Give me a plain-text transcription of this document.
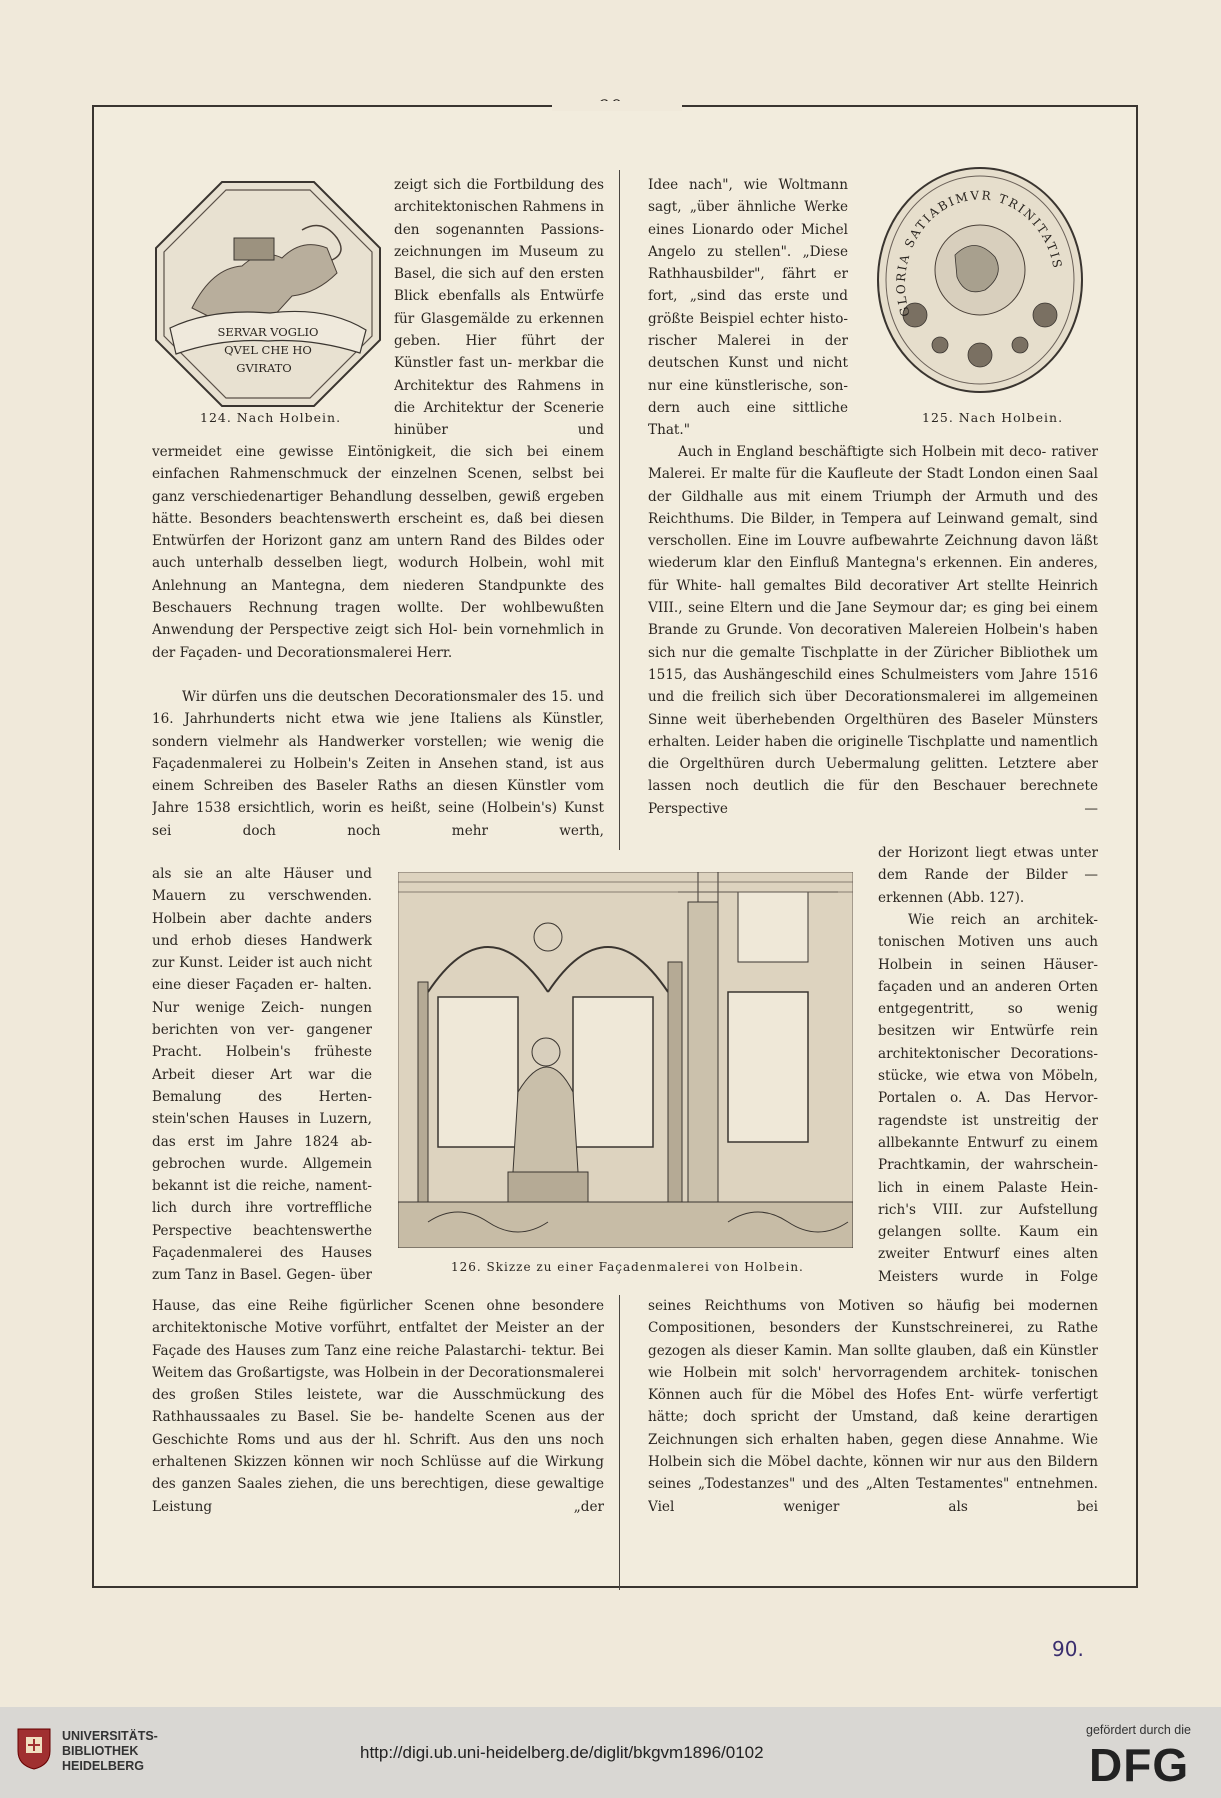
SERVAR VOGLIO
QVEL CHE HO
GVIRATO
124. Nach Holbein.
GLORIA SATIABIMVR TRINITATIS
125. Nach Holbein.

zeigt sich die Fortbildung des architektonischen Rahmens in den sogenannten Passions- zeichnungen im Museum zu Basel, die sich auf den ersten Blick ebenfalls als Entwürfe für Glasgemälde zu erkennen geben. Hier führt der Künstler fast un- merkbar die Architektur des Rahmens in die Architektur der Scenerie hinüber und

vermeidet eine gewisse Eintönigkeit, die sich bei einem einfachen Rahmenschmuck der einzelnen Scenen, selbst bei ganz verschiedenartiger Behandlung desselben, gewiß ergeben hätte. Besonders beachtenswerth erscheint es, daß bei diesen Entwürfen der Horizont ganz am untern Rand des Bildes oder auch unterhalb desselben liegt, wodurch Holbein, wohl mit Anlehnung an Mantegna, dem niederen Standpunkte des Beschauers Rechnung tragen wollte. Der wohlbewußten Anwendung der Perspective zeigt sich Hol- bein vornehmlich in der Façaden- und Decorationsmalerei Herr.

Wir dürfen uns die deutschen Decorationsmaler des 15. und 16. Jahrhunderts nicht etwa wie jene Italiens als Künstler, sondern vielmehr als Handwerker vorstellen; wie wenig die Façadenmalerei zu Holbein's Zeiten in Ansehen stand, ist aus einem Schreiben des Baseler Raths an diesen Künstler vom Jahre 1538 ersichtlich, worin es heißt, seine (Holbein's) Kunst sei doch noch mehr werth,

als sie an alte Häuser und Mauern zu verschwenden. Holbein aber dachte anders und erhob dieses Handwerk zur Kunst. Leider ist auch nicht eine dieser Façaden er- halten. Nur wenige Zeich- nungen berichten von ver- gangener Pracht. Holbein's früheste Arbeit dieser Art war die Bemalung des Herten- stein'schen Hauses in Luzern, das erst im Jahre 1824 ab- gebrochen wurde. Allgemein bekannt ist die reiche, nament- lich durch ihre vortreffliche Perspective beachtenswerthe Façadenmalerei des Hauses zum Tanz in Basel. Gegen- über

Hause, das eine Reihe figürlicher Scenen ohne besondere architektonische Motive vorführt, entfaltet der Meister an der Façade des Hauses zum Tanz eine reiche Palastarchi- tektur. Bei Weitem das Großartigste, was Holbein in der Decorationsmalerei des großen Stiles leistete, war die Ausschmückung des Rathhaussaales zu Basel. Sie be- handelte Scenen aus der Geschichte Roms und aus der hl. Schrift. Aus den uns noch erhaltenen Skizzen können wir noch Schlüsse auf die Wirkung des ganzen Saales ziehen, die uns berechtigen, diese gewaltige Leistung „der

Idee nach", wie Woltmann sagt, „über ähnliche Werke eines Lionardo oder Michel Angelo zu stellen". „Diese Rathhausbilder", fährt er fort, „sind das erste und größte Beispiel echter histo- rischer Malerei in der deutschen Kunst und nicht nur eine künstlerische, son- dern auch eine sittliche That."

Auch in England beschäftigte sich Holbein mit deco- rativer Malerei. Er malte für die Kaufleute der Stadt London einen Saal der Gildhalle aus mit einem Triumph der Armuth und des Reichthums. Die Bilder, in Tempera auf Leinwand gemalt, sind verschollen. Eine im Louvre aufbewahrte Zeichnung davon läßt wiederum klar den Einfluß Mantegna's erkennen. Ein anderes, für White- hall gemaltes Bild decorativer Art stellte Heinrich VIII., seine Eltern und die Jane Seymour dar; es ging bei einem Brande zu Grunde. Von decorativen Malereien Holbein's haben sich nur die gemalte Tischplatte in der Züricher Bibliothek um 1515, das Aushängeschild eines Schulmeisters vom Jahre 1516 und die freilich sich über Decorationsmalerei im allgemeinen Sinne weit überhebenden Orgelthüren des Baseler Münsters erhalten. Leider haben die originelle Tischplatte und namentlich die Orgelthüren durch Uebermalung gelitten. Letztere aber lassen noch deutlich die für den Beschauer berechnete Perspective —

der Horizont liegt etwas unter dem Rande der Bilder — erkennen (Abb. 127).

Wie reich an architek- tonischen Motiven uns auch Holbein in seinen Häuser- façaden und an anderen Orten entgegentritt, so wenig besitzen wir Entwürfe rein architektonischer Decorations- stücke, wie etwa von Möbeln, Portalen o. A. Das Hervor- ragendste ist unstreitig der allbekannte Entwurf zu einem Prachtkamin, der wahrschein- lich in einem Palaste Hein- rich's VIII. zur Aufstellung gelangen sollte. Kaum ein zweiter Entwurf eines alten Meisters wurde in Folge

seines Reichthums von Motiven so häufig bei modernen Compositionen, besonders der Kunstschreinerei, zu Rathe gezogen als dieser Kamin. Man sollte glauben, daß ein Künstler wie Holbein mit solch' hervorragendem architek- tonischen Können auch für die Möbel des Hofes Ent- würfe verfertigt hätte; doch spricht der Umstand, daß keine derartigen Zeichnungen sich erhalten haben, gegen diese Annahme. Wie Holbein sich die Möbel dachte, können wir nur aus den Bildern seines „Todestanzes" und des „Alten Testamentes" entnehmen. Viel weniger als bei

126. Skizze zu einer Façadenmalerei von Holbein.
90.
UNIVERSITÄTS-
BIBLIOTHEK
HEIDELBERG
http://digi.ub.uni-heidelberg.de/diglit/bkgvm1896/0102
gefördert durch die
DFG
